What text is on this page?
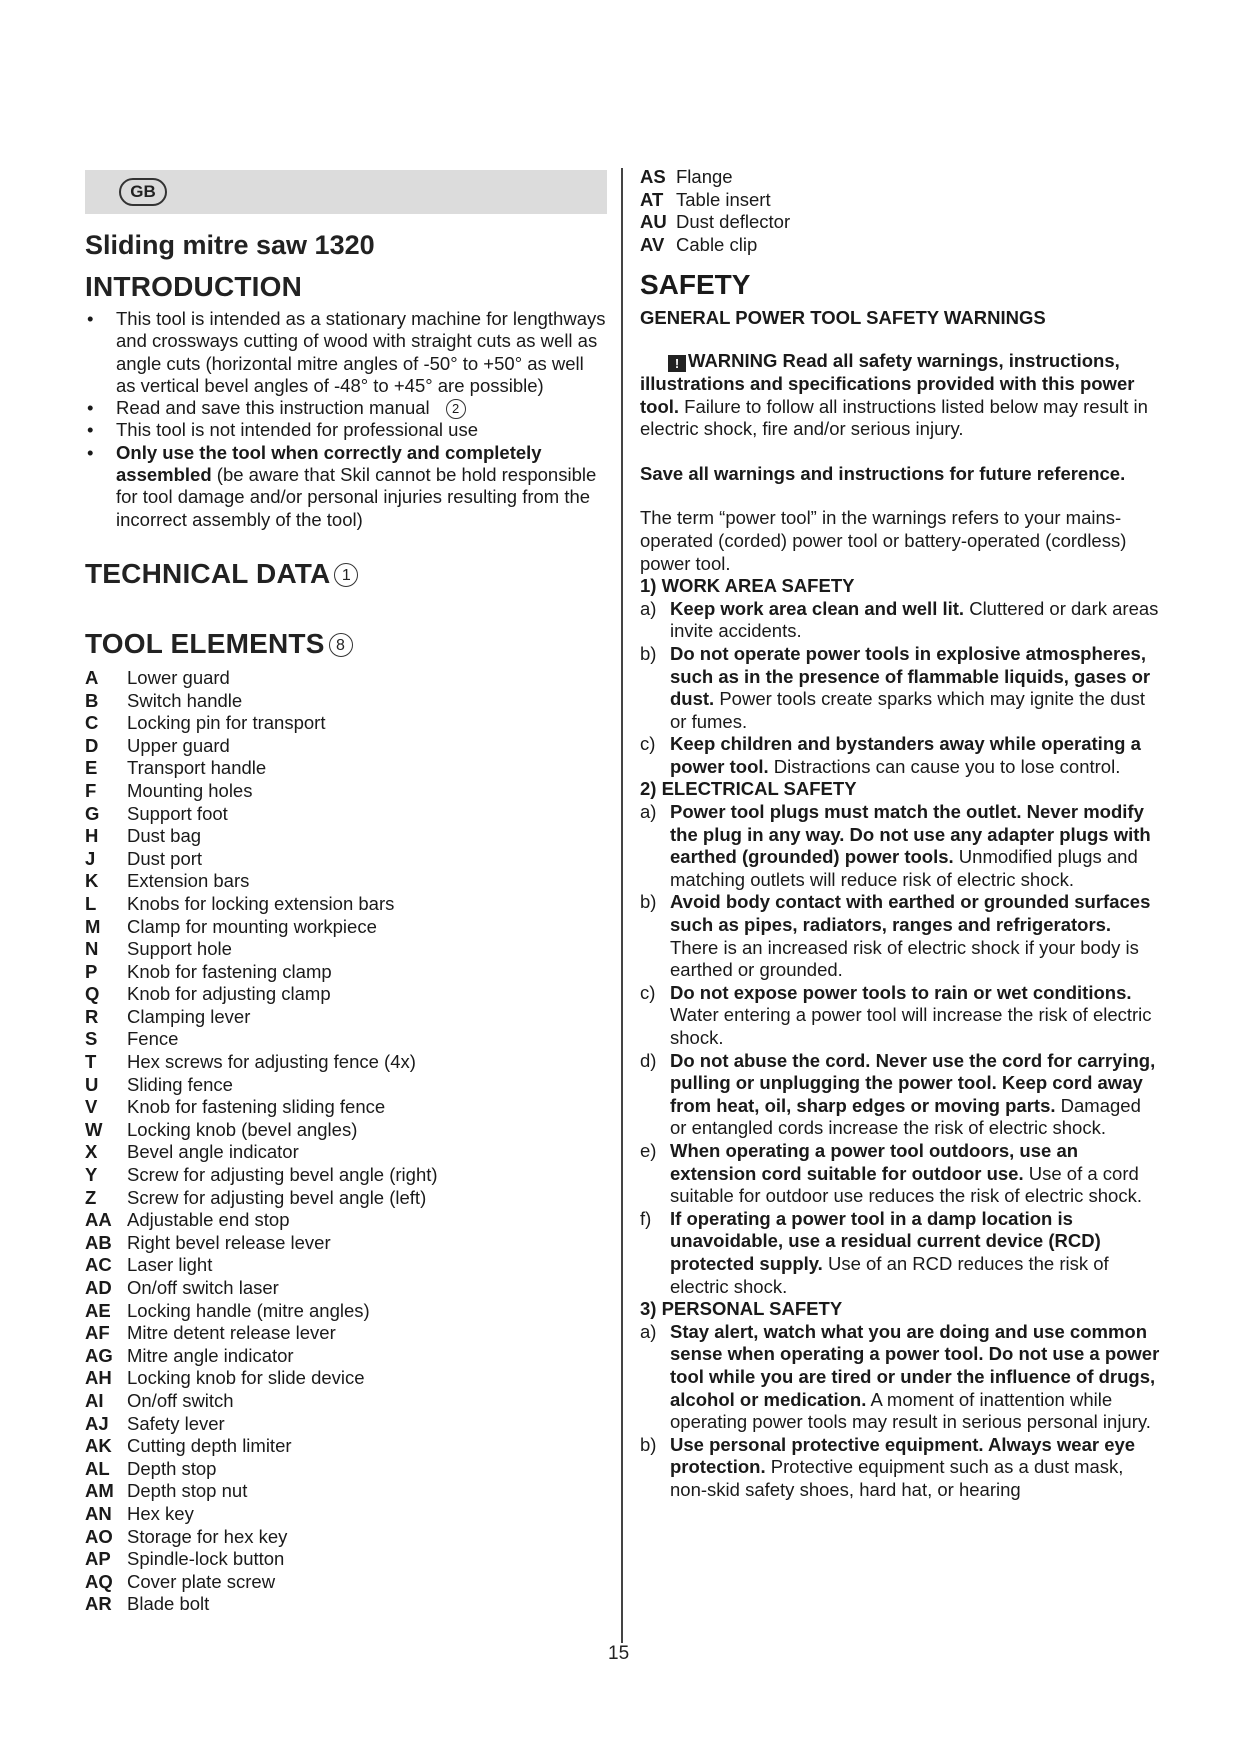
GB
Sliding mitre saw 1320
INTRODUCTION
• This tool is intended as a stationary machine for lengthways and crossways cutting of wood with straight cuts as well as angle cuts (horizontal mitre angles of -50° to +50° as well as vertical bevel angles of -48° to +45° are possible)
• Read and save this instruction manual 2
• This tool is not intended for professional use
• Only use the tool when correctly and completely assembled (be aware that Skil cannot be hold responsible for tool damage and/or personal injuries resulting from the incorrect assembly of the tool)
TECHNICAL DATA 1
TOOL ELEMENTS 8
A	Lower guard
B	Switch handle
C	Locking pin for transport
D	Upper guard
E	Transport handle
F	Mounting holes
G	Support foot
H	Dust bag
J	Dust port
K	Extension bars
L	Knobs for locking extension bars
M	Clamp for mounting workpiece
N	Support hole
P	Knob for fastening clamp
Q	Knob for adjusting clamp
R	Clamping lever
S	Fence
T	Hex screws for adjusting fence (4x)
U	Sliding fence
V	Knob for fastening sliding fence
W	Locking knob (bevel angles)
X	Bevel angle indicator
Y	Screw for adjusting bevel angle (right)
Z	Screw for adjusting bevel angle (left)
AA Adjustable end stop
AB Right bevel release lever
AC Laser light
AD On/off switch laser
AE Locking handle (mitre angles)
AF Mitre detent release lever
AG Mitre angle indicator
AH Locking knob for slide device
AI	On/off switch
AJ Safety lever
AK Cutting depth limiter
AL Depth stop
AM Depth stop nut
AN Hex key
AO Storage for hex key
AP Spindle-lock button
AQ Cover plate screw
AR Blade bolt
15
AS Flange
AT Table insert
AU Dust deflector
AV Cable clip
SAFETY
GENERAL POWER TOOL SAFETY WARNINGS

! WARNING Read all safety warnings, instructions, illustrations and specifications provided with this power tool. Failure to follow all instructions listed below may result in electric shock, fire and/or serious injury.

Save all warnings and instructions for future reference.

The term “power tool” in the warnings refers to your mains-operated (corded) power tool or battery-operated (cordless) power tool.

1) WORK AREA SAFETY

a) Keep work area clean and well lit. Cluttered or dark areas invite accidents.
b) Do not operate power tools in explosive atmospheres, such as in the presence of flammable liquids, gases or dust. Power tools create sparks which may ignite the dust or fumes.
c) Keep children and bystanders away while operating a power tool. Distractions can cause you to lose control.

2) ELECTRICAL SAFETY

a) Power tool plugs must match the outlet. Never modify the plug in any way. Do not use any adapter plugs with earthed (grounded) power tools. Unmodified plugs and matching outlets will reduce risk of electric shock.
b) Avoid body contact with earthed or grounded surfaces such as pipes, radiators, ranges and refrigerators. There is an increased risk of electric shock if your body is earthed or grounded.
c) Do not expose power tools to rain or wet conditions. Water entering a power tool will increase the risk of electric shock.
d) Do not abuse the cord. Never use the cord for carrying, pulling or unplugging the power tool. Keep cord away from heat, oil, sharp edges or moving parts. Damaged or entangled cords increase the risk of electric shock.
e) When operating a power tool outdoors, use an extension cord suitable for outdoor use. Use of a cord suitable for outdoor use reduces the risk of electric shock.
f) If operating a power tool in a damp location is unavoidable, use a residual current device (RCD) protected supply. Use of an RCD reduces the risk of electric shock.

3) PERSONAL SAFETY

a) Stay alert, watch what you are doing and use common sense when operating a power tool. Do not use a power tool while you are tired or under the influence of drugs, alcohol or medication. A moment of inattention while operating power tools may result in serious personal injury.
b) Use personal protective equipment. Always wear eye protection. Protective equipment such as a dust mask, non-skid safety shoes, hard hat, or hearing
